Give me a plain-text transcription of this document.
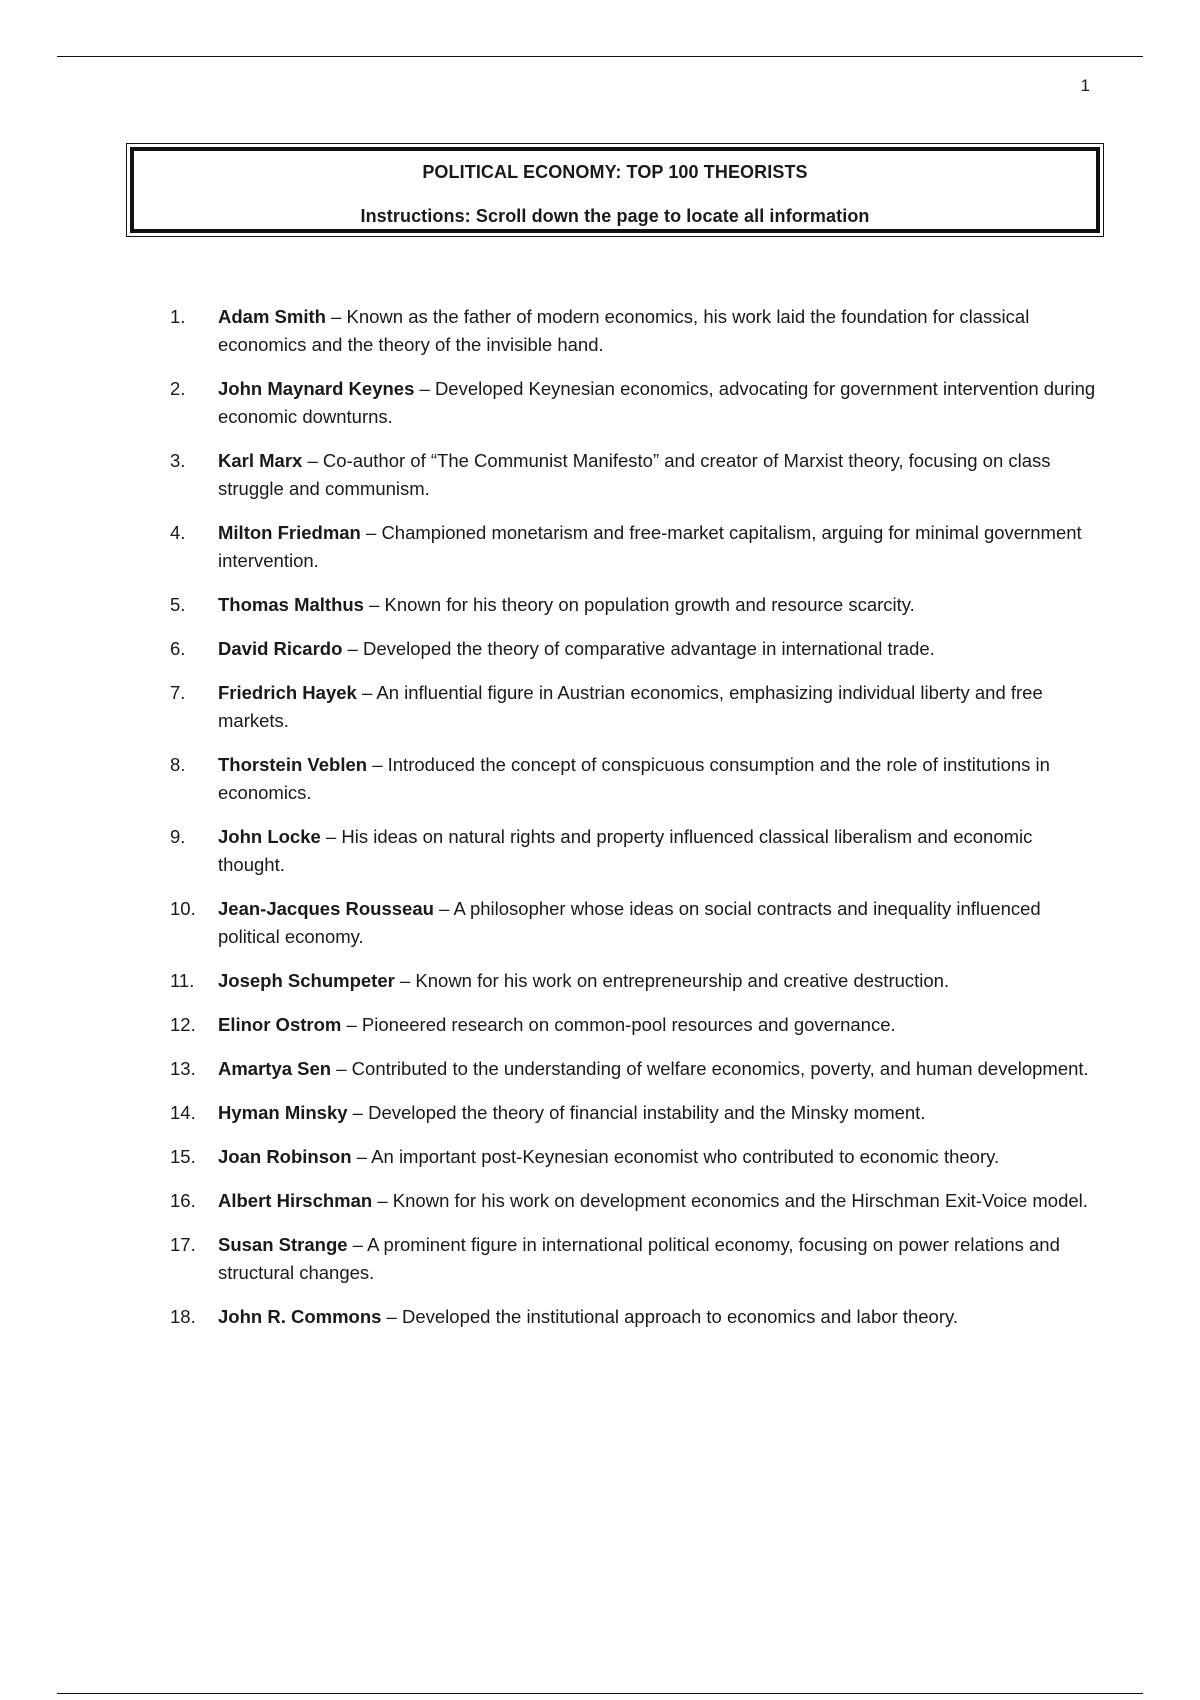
1
POLITICAL ECONOMY: TOP 100 THEORISTS
Instructions: Scroll down the page to locate all information
1.	Adam Smith – Known as the father of modern economics, his work laid the foundation for classical economics and the theory of the invisible hand.
2.	John Maynard Keynes – Developed Keynesian economics, advocating for government intervention during economic downturns.
3.	Karl Marx – Co-author of “The Communist Manifesto” and creator of Marxist theory, focusing on class struggle and communism.
4.	Milton Friedman – Championed monetarism and free-market capitalism, arguing for minimal government intervention.
5.	Thomas Malthus – Known for his theory on population growth and resource scarcity.
6.	David Ricardo – Developed the theory of comparative advantage in international trade.
7.	Friedrich Hayek – An influential figure in Austrian economics, emphasizing individual liberty and free markets.
8.	Thorstein Veblen – Introduced the concept of conspicuous consumption and the role of institutions in economics.
9.	John Locke – His ideas on natural rights and property influenced classical liberalism and economic thought.
10.	Jean-Jacques Rousseau – A philosopher whose ideas on social contracts and inequality influenced political economy.
11.	Joseph Schumpeter – Known for his work on entrepreneurship and creative destruction.
12.	Elinor Ostrom – Pioneered research on common-pool resources and governance.
13.	Amartya Sen – Contributed to the understanding of welfare economics, poverty, and human development.
14.	Hyman Minsky – Developed the theory of financial instability and the Minsky moment.
15.	Joan Robinson – An important post-Keynesian economist who contributed to economic theory.
16.	Albert Hirschman – Known for his work on development economics and the Hirschman Exit-Voice model.
17.	Susan Strange – A prominent figure in international political economy, focusing on power relations and structural changes.
18.	John R. Commons – Developed the institutional approach to economics and labor theory.
